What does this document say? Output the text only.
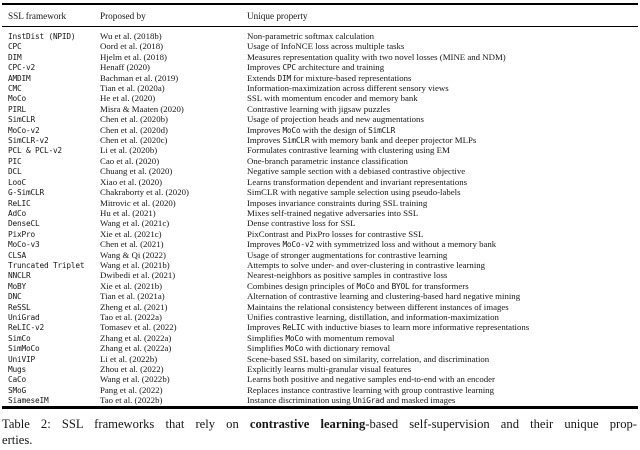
SSL framework	Proposed by	Unique property
InstDist (NPID)	Wu et al. (2018b)	Non-parametric softmax calculation
CPC	Oord et al. (2018)	Usage of InfoNCE loss across multiple tasks
DIM	Hjelm et al. (2018)	Measures representation quality with two novel losses (MINE and NDM)
CPC-v2	Henaff (2020)	Improves CPC architecture and training
AMDIM	Bachman et al. (2019)	Extends DIM for mixture-based representations
CMC	Tian et al. (2020a)	Information-maximization across different sensory views
MoCo	He et al. (2020)	SSL with momentum encoder and memory bank
PIRL	Misra & Maaten (2020)	Contrastive learning with jigsaw puzzles
SimCLR	Chen et al. (2020b)	Usage of projection heads and new augmentations
MoCo-v2	Chen et al. (2020d)	Improves MoCo with the design of SimCLR
SimCLR-v2	Chen et al. (2020c)	Improves SimCLR with memory bank and deeper projector MLPs
PCL & PCL-v2	Li et al. (2020b)	Formulates contrastive learning with clustering using EM
PIC	Cao et al. (2020)	One-branch parametric instance classification
DCL	Chuang et al. (2020)	Negative sample section with a debiased contrastive objective
LooC	Xiao et al. (2020)	Learns transformation dependent and invariant representations
G-SimCLR	Chakraborty et al. (2020)	SimCLR with negative sample selection using pseudo-labels
ReLIC	Mitrovic et al. (2020)	Imposes invariance constraints during SSL training
AdCo	Hu et al. (2021)	Mixes self-trained negative adversaries into SSL
DenseCL	Wang et al. (2021c)	Dense contrastive loss for SSL
PixPro	Xie et al. (2021c)	PixContrast and PixPro losses for contrastive SSL
MoCo-v3	Chen et al. (2021)	Improves MoCo-v2 with symmetrized loss and without a memory bank
CLSA	Wang & Qi (2022)	Usage of stronger augmentations for contrastive learning
Truncated Triplet	Wang et al. (2021b)	Attempts to solve under- and over-clustering in contrastive learning
NNCLR	Dwibedi et al. (2021)	Nearest-neighbors as positive samples in contrastive loss
MoBY	Xie et al. (2021b)	Combines design principles of MoCo and BYOL for transformers
DNC	Tian et al. (2021a)	Alternation of contrastive learning and clustering-based hard negative mining
ReSSL	Zheng et al. (2021)	Maintains the relational consistency between different instances of images
UniGrad	Tao et al. (2022a)	Unifies contrastive learning, distillation, and information-maximization
ReLIC-v2	Tomasev et al. (2022)	Improves ReLIC with inductive biases to learn more informative representations
SimCo	Zhang et al. (2022a)	Simplifies MoCo with momentum removal
SimMoCo	Zhang et al. (2022a)	Simplifies MoCo with dictionary removal
UniVIP	Li et al. (2022b)	Scene-based SSL based on similarity, correlation, and discrimination
Mugs	Zhou et al. (2022)	Explicitly learns multi-granular visual features
CaCo	Wang et al. (2022b)	Learns both positive and negative samples end-to-end with an encoder
SMoG	Pang et al. (2022)	Replaces instance contrastive learning with group contrastive learning
SiameseIM	Tao et al. (2022b)	Instance discrimination using UniGrad and masked images
Table 2: SSL frameworks that rely on contrastive learning-based self-supervision and their unique prop-
erties.
